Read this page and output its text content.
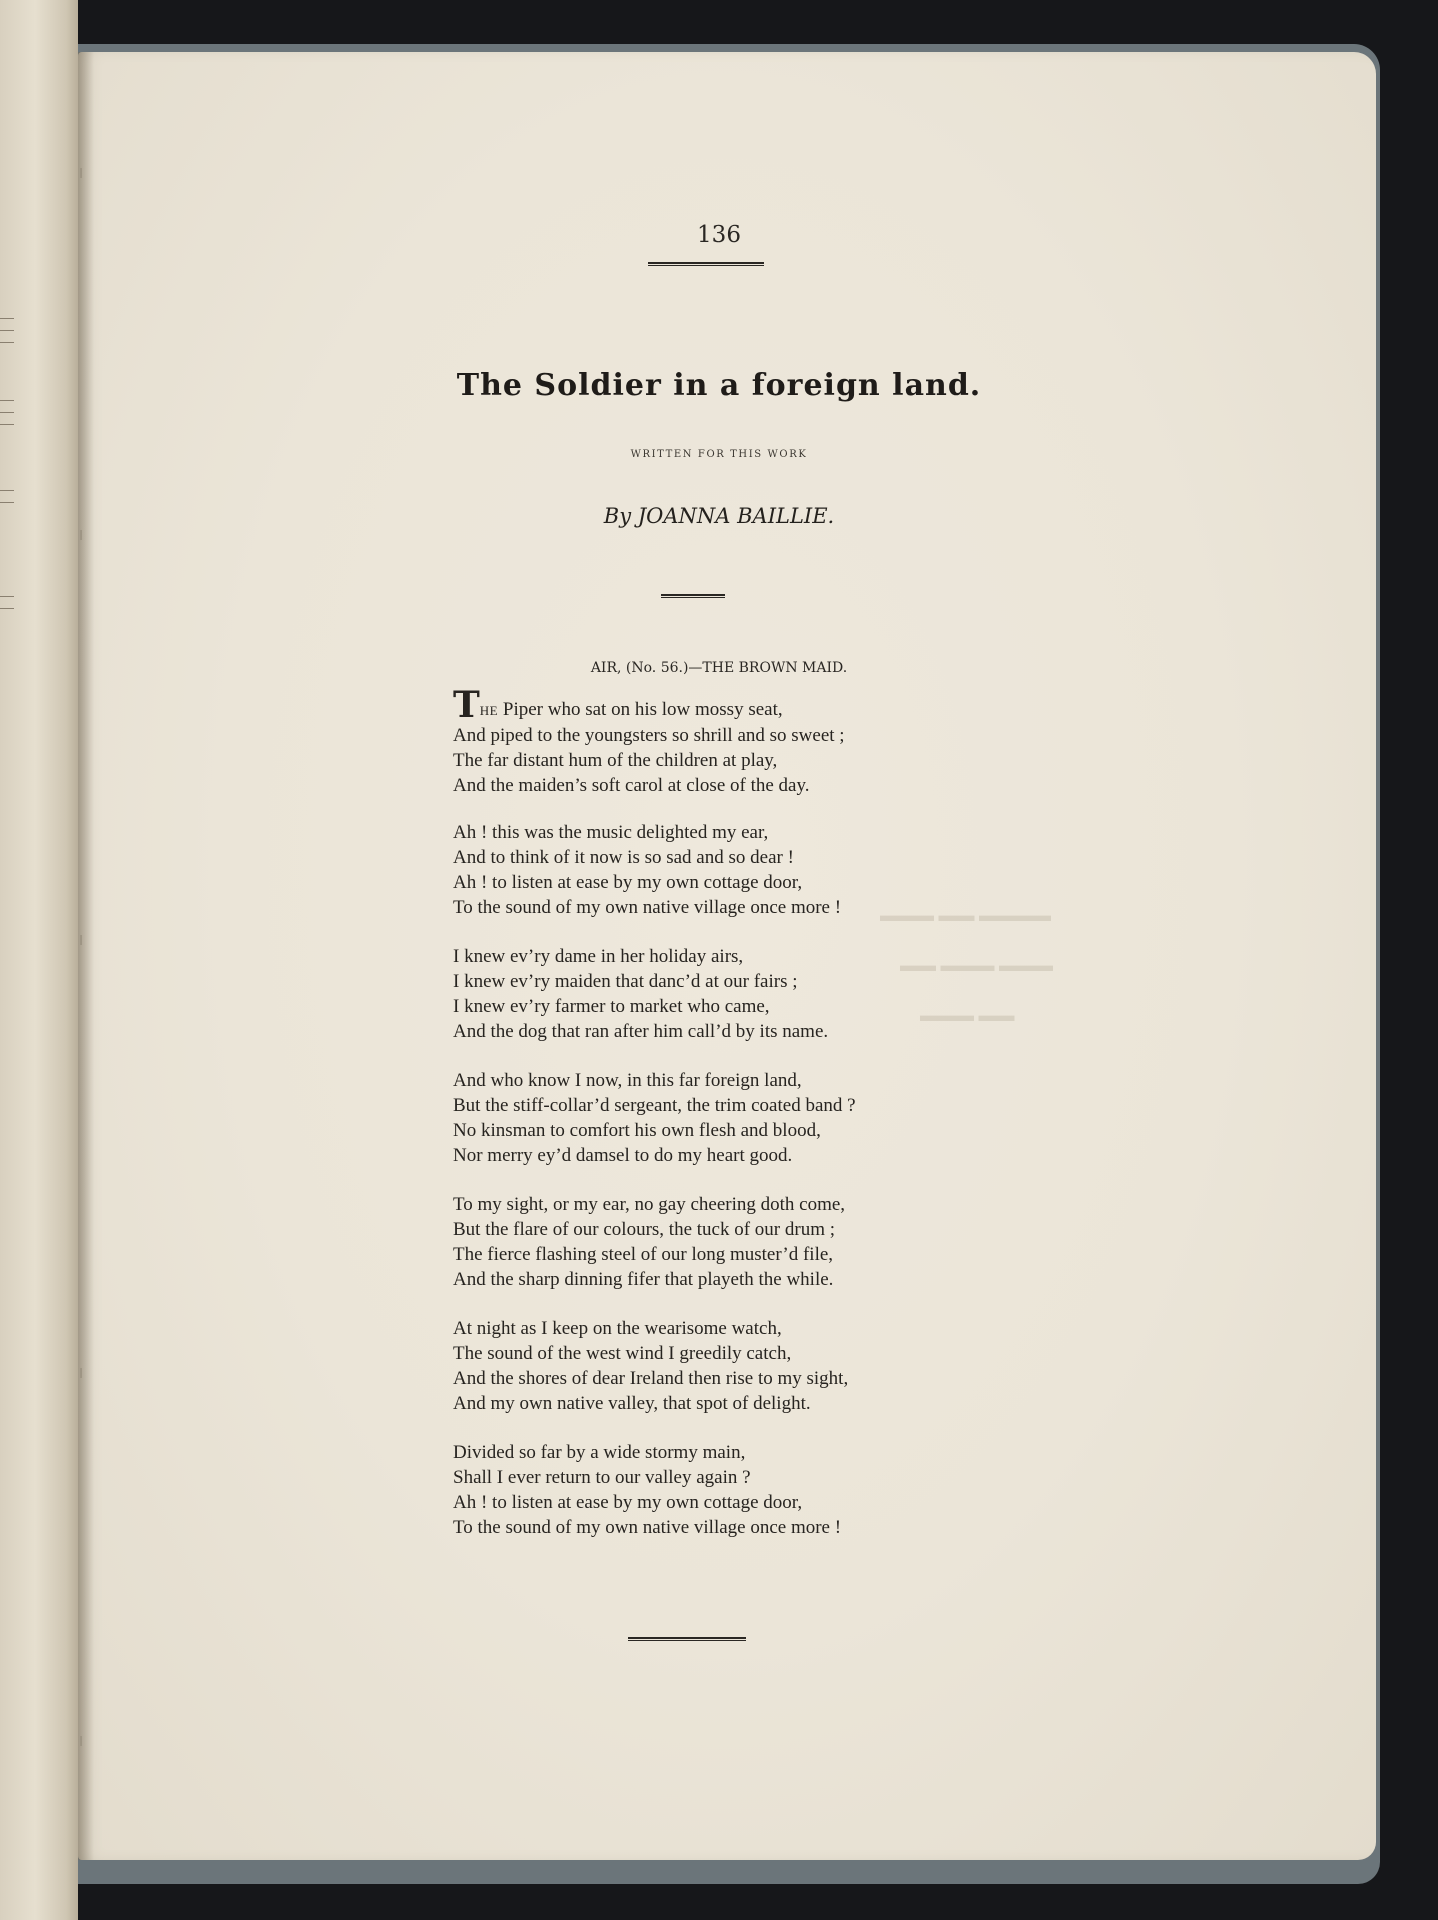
▬▬▬ ▬▬ ▬▬▬▬
▬▬ ▬▬▬ ▬▬▬
▬▬▬ ▬▬
136
The Soldier in a foreign land.
WRITTEN FOR THIS WORK
By JOANNA BAILLIE.
AIR, (No. 56.)—THE BROWN MAID.
THE Piper who sat on his low mossy seat,
And piped to the youngsters so shrill and so sweet ;
The far distant hum of the children at play,
And the maiden’s soft carol at close of the day.
Ah ! this was the music delighted my ear,
And to think of it now is so sad and so dear !
Ah ! to listen at ease by my own cottage door,
To the sound of my own native village once more !
I knew ev’ry dame in her holiday airs,
I knew ev’ry maiden that danc’d at our fairs ;
I knew ev’ry farmer to market who came,
And the dog that ran after him call’d by its name.
And who know I now, in this far foreign land,
But the stiff-collar’d sergeant, the trim coated band ?
No kinsman to comfort his own flesh and blood,
Nor merry ey’d damsel to do my heart good.
To my sight, or my ear, no gay cheering doth come,
But the flare of our colours, the tuck of our drum ;
The fierce flashing steel of our long muster’d file,
And the sharp dinning fifer that playeth the while.
At night as I keep on the wearisome watch,
The sound of the west wind I greedily catch,
And the shores of dear Ireland then rise to my sight,
And my own native valley, that spot of delight.
Divided so far by a wide stormy main,
Shall I ever return to our valley again ?
Ah ! to listen at ease by my own cottage door,
To the sound of my own native village once more !
